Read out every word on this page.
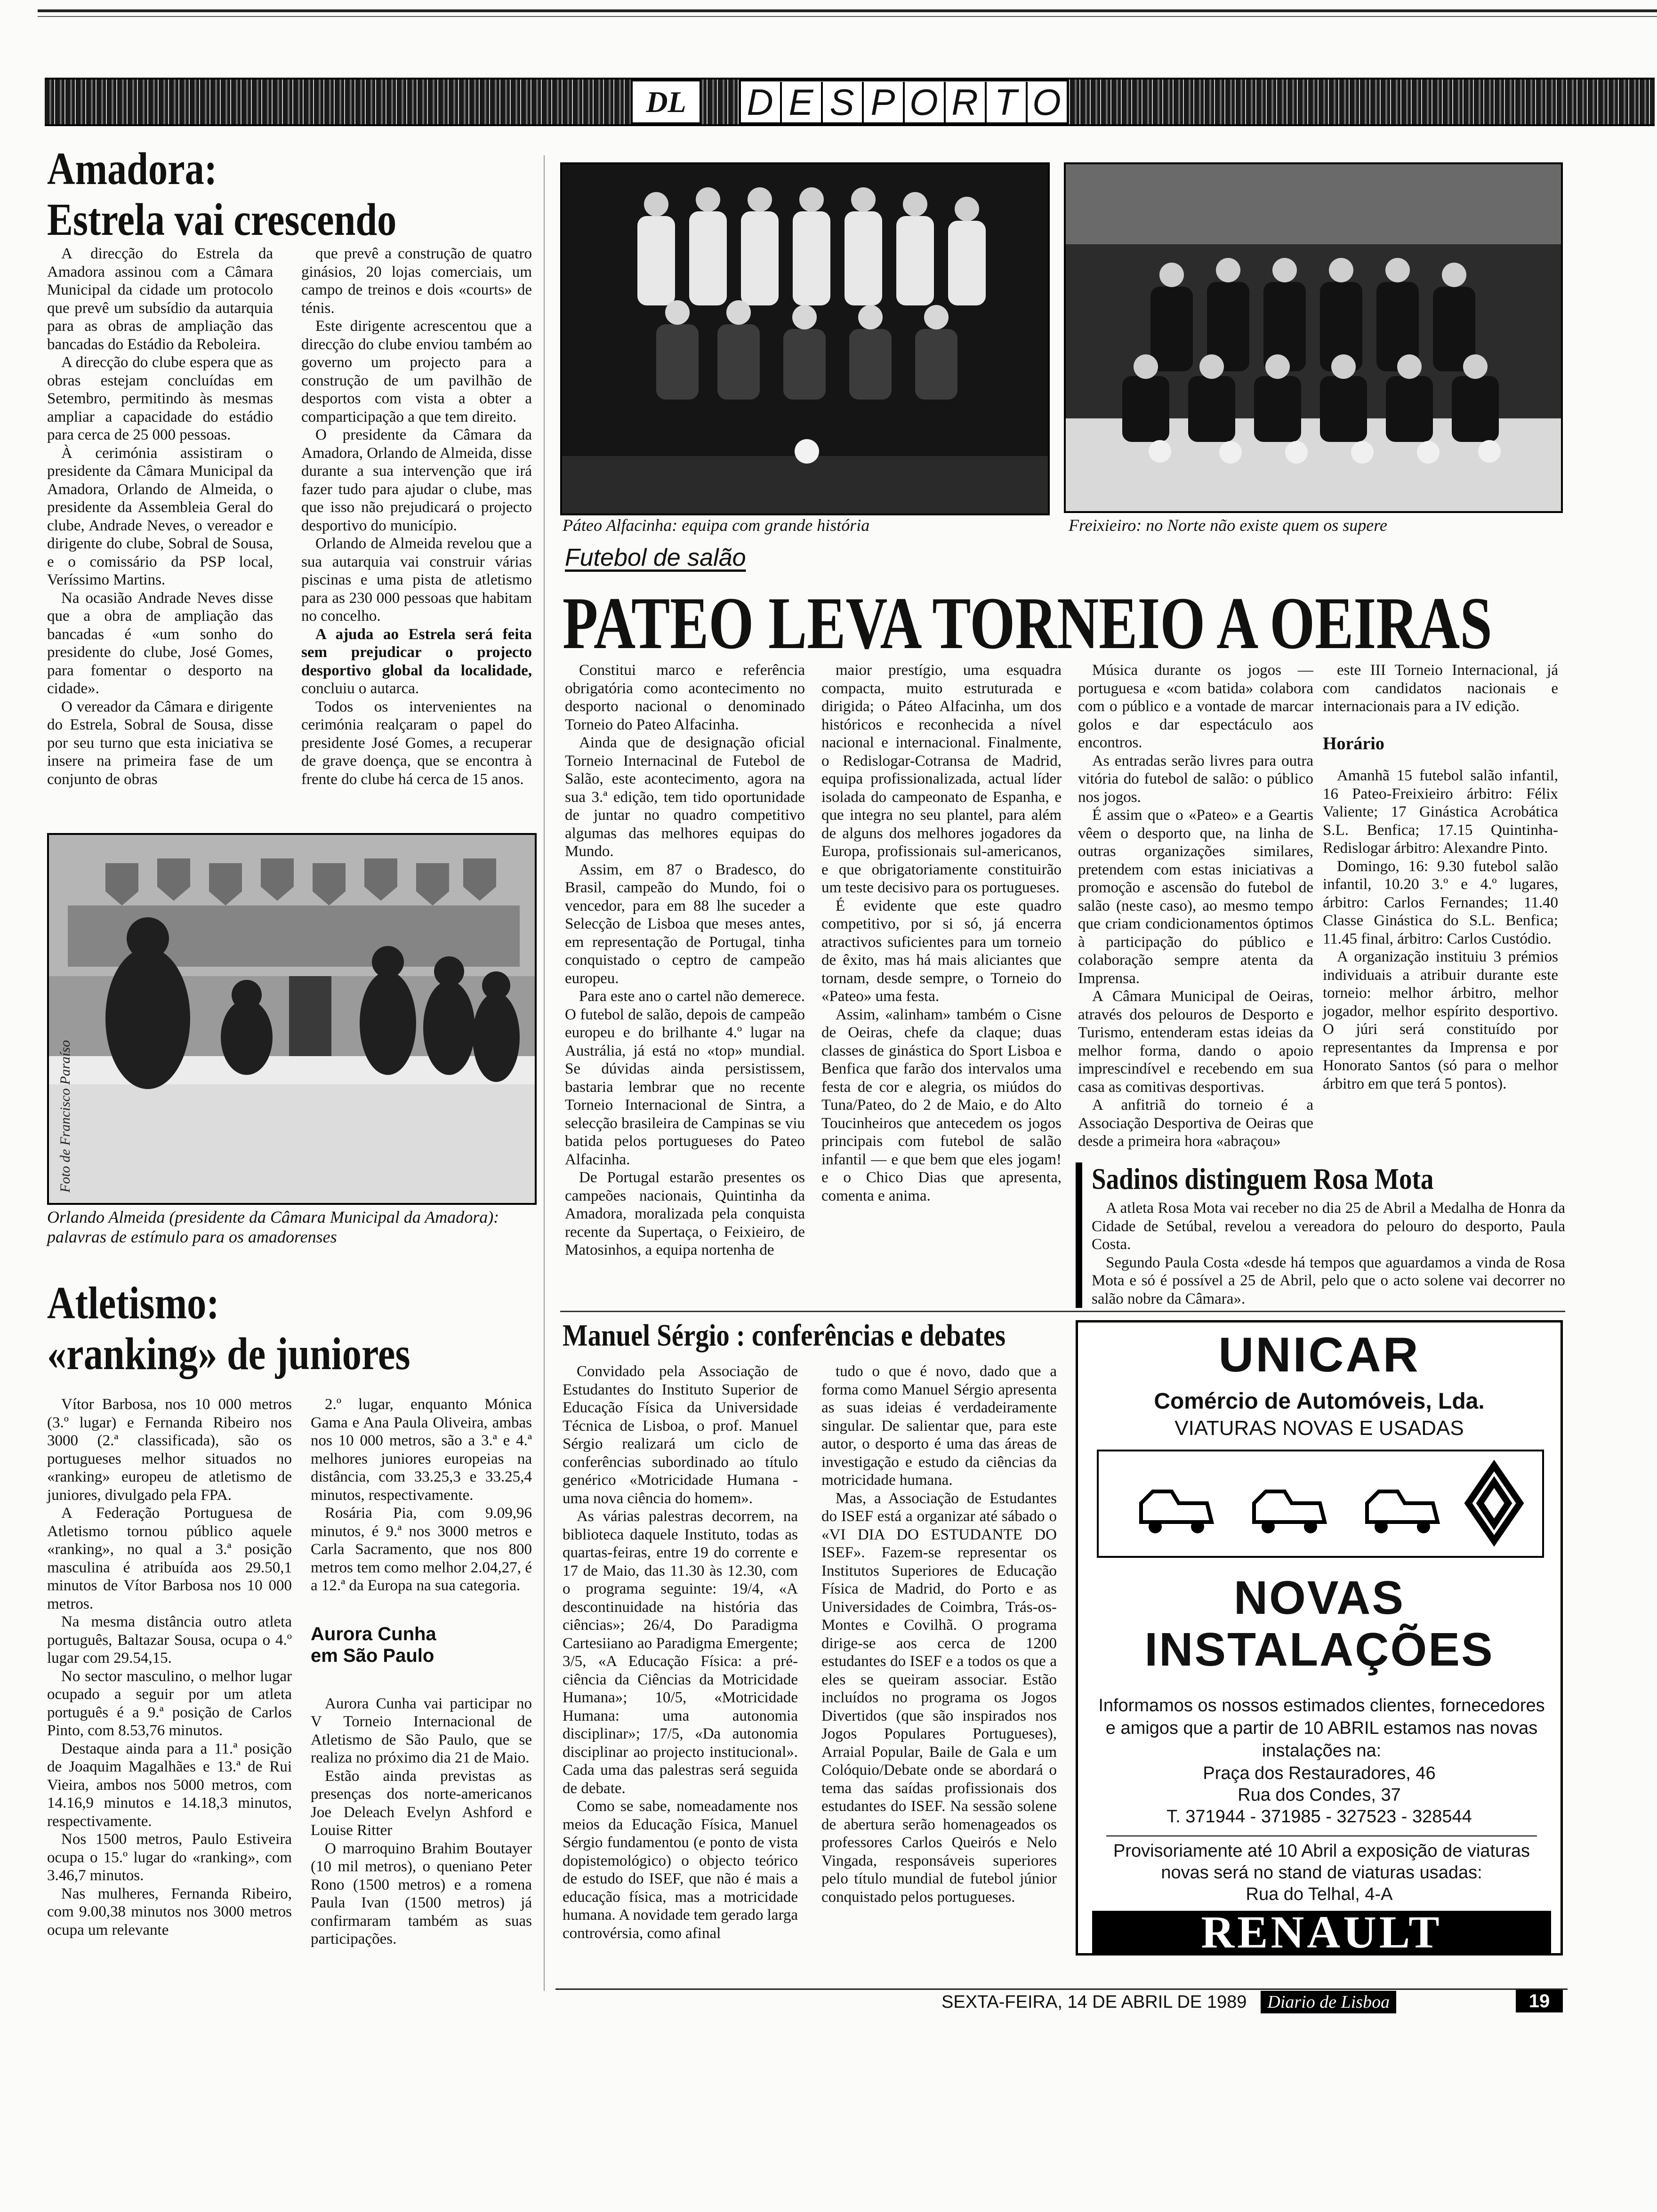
DL	D E S P O R T O
Amadora:
Estrela vai crescendo

A direcção do Estrela da Amadora assinou com a Câmara Municipal da cidade um protocolo que prevê um subsídio da autarquia para as obras de ampliação das bancadas do Estádio da Reboleira.

A direcção do clube espera que as obras estejam concluídas em Setembro, permitindo às mesmas ampliar a capacidade do estádio para cerca de 25 000 pessoas.

À cerimónia assistiram o presidente da Câmara Municipal da Amadora, Orlando de Almeida, o presidente da Assembleia Geral do clube, Andrade Neves, o vereador e dirigente do clube, Sobral de Sousa, e o comissário da PSP local, Veríssimo Martins.

Na ocasião Andrade Neves disse que a obra de ampliação das bancadas é «um sonho do presidente do clube, José Gomes, para fomentar o desporto na cidade».

O vereador da Câmara e dirigente do Estrela, Sobral de Sousa, disse por seu turno que esta iniciativa se insere na primeira fase de um conjunto de obras

que prevê a construção de quatro ginásios, 20 lojas comerciais, um campo de treinos e dois «courts» de ténis.

Este dirigente acrescentou que a direcção do clube enviou também ao governo um projecto para a construção de um pavilhão de desportos com vista a obter a comparticipação a que tem direito.

O presidente da Câmara da Amadora, Orlando de Almeida, disse durante a sua intervenção que irá fazer tudo para ajudar o clube, mas que isso não prejudicará o projecto desportivo do município.

Orlando de Almeida revelou que a sua autarquia vai construir várias piscinas e uma pista de atletismo para as 230 000 pessoas que habitam no concelho.

A ajuda ao Estrela será feita sem prejudicar o projecto desportivo global da localidade, concluiu o autarca.

Todos os intervenientes na cerimónia realçaram o papel do presidente José Gomes, a recuperar de grave doença, que se encontra à frente do clube há cerca de 15 anos.

Foto de Francisco Paraíso
Orlando Almeida (presidente da Câmara Municipal da Amadora): palavras de estímulo para os amadorenses
Atletismo:
«ranking» de juniores

Vítor Barbosa, nos 10 000 metros (3.º lugar) e Fernanda Ribeiro nos 3000 (2.ª classificada), são os portugueses melhor situados no «ranking» europeu de atletismo de juniores, divulgado pela FPA.

A Federação Portuguesa de Atletismo tornou público aquele «ranking», no qual a 3.ª posição masculina é atribuída aos 29.50,1 minutos de Vítor Barbosa nos 10 000 metros.

Na mesma distância outro atleta português, Baltazar Sousa, ocupa o 4.º lugar com 29.54,15.

No sector masculino, o melhor lugar ocupado a seguir por um atleta português é a 9.ª posição de Carlos Pinto, com 8.53,76 minutos.

Destaque ainda para a 11.ª posição de Joaquim Magalhães e 13.ª de Rui Vieira, ambos nos 5000 metros, com 14.16,9 minutos e 14.18,3 minutos, respectivamente.

Nos 1500 metros, Paulo Estiveira ocupa o 15.º lugar do «ranking», com 3.46,7 minutos.

Nas mulheres, Fernanda Ribeiro, com 9.00,38 minutos nos 3000 metros ocupa um relevante

2.º lugar, enquanto Mónica Gama e Ana Paula Oliveira, ambas nos 10 000 metros, são a 3.ª e 4.ª melhores juniores europeias na distância, com 33.25,3 e 33.25,4 minutos, respectivamente.

Rosária Pia, com 9.09,96 minutos, é 9.ª nos 3000 metros e Carla Sacramento, que nos 800 metros tem como melhor 2.04,27, é a 12.ª da Europa na sua categoria.

Aurora Cunha
em São Paulo

Aurora Cunha vai participar no V Torneio Internacional de Atletismo de São Paulo, que se realiza no próximo dia 21 de Maio.

Estão ainda previstas as presenças dos norte-americanos Joe Deleach Evelyn Ashford e Louise Ritter

O marroquino Brahim Boutayer (10 mil metros), o queniano Peter Rono (1500 metros) e a romena Paula Ivan (1500 metros) já confirmaram também as suas participações.

Páteo Alfacinha: equipa com grande história	Freixieiro: no Norte não existe quem os supere
Futebol de salão
PATEO LEVA TORNEIO A OEIRAS

Constitui marco e referência obrigatória como acontecimento no desporto nacional o denominado Torneio do Pateo Alfacinha.

Ainda que de designação oficial Torneio Internacinal de Futebol de Salão, este acontecimento, agora na sua 3.ª edição, tem tido oportunidade de juntar no quadro competitivo algumas das melhores equipas do Mundo.

Assim, em 87 o Bradesco, do Brasil, campeão do Mundo, foi o vencedor, para em 88 lhe suceder a Selecção de Lisboa que meses antes, em representação de Portugal, tinha conquistado o ceptro de campeão europeu.

Para este ano o cartel não demerece. O futebol de salão, depois de campeão europeu e do brilhante 4.º lugar na Austrália, já está no «top» mundial. Se dúvidas ainda persistissem, bastaria lembrar que no recente Torneio Internacional de Sintra, a selecção brasileira de Campinas se viu batida pelos portugueses do Pateo Alfacinha.

De Portugal estarão presentes os campeões nacionais, Quintinha da Amadora, moralizada pela conquista recente da Supertaça, o Feixieiro, de Matosinhos, a equipa nortenha de

maior prestígio, uma esquadra compacta, muito estruturada e dirigida; o Páteo Alfacinha, um dos históricos e reconhecida a nível nacional e internacional. Finalmente, o Redislogar-Cotransa de Madrid, equipa profissionalizada, actual líder isolada do campeonato de Espanha, e que integra no seu plantel, para além de alguns dos melhores jogadores da Europa, profissionais sul-americanos, e que obrigatoriamente constituirão um teste decisivo para os portugueses.

É evidente que este quadro competitivo, por si só, já encerra atractivos suficientes para um torneio de êxito, mas há mais aliciantes que tornam, desde sempre, o Torneio do «Pateo» uma festa.

Assim, «alinham» também o Cisne de Oeiras, chefe da claque; duas classes de ginástica do Sport Lisboa e Benfica que farão dos intervalos uma festa de cor e alegria, os miúdos do Tuna/Pateo, do 2 de Maio, e do Alto Toucinheiros que antecedem os jogos principais com futebol de salão infantil — e que bem que eles jogam! e o Chico Dias que apresenta, comenta e anima.

Música durante os jogos — portuguesa e «com batida» colabora com o público e a vontade de marcar golos e dar espectáculo aos encontros.

As entradas serão livres para outra vitória do futebol de salão: o público nos jogos.

É assim que o «Pateo» e a Geartis vêem o desporto que, na linha de outras organizações similares, pretendem com estas iniciativas a promoção e ascensão do futebol de salão (neste caso), ao mesmo tempo que criam condicionamentos óptimos à participação do público e colaboração sempre atenta da Imprensa.

A Câmara Municipal de Oeiras, através dos pelouros de Desporto e Turismo, entenderam estas ideias da melhor forma, dando o apoio imprescindível e recebendo em sua casa as comitivas desportivas.

A anfitriã do torneio é a Associação Desportiva de Oeiras que desde a primeira hora «abraçou»

este III Torneio Internacional, já com candidatos nacionais e internacionais para a IV edição.

Horário

Amanhã 15 futebol salão infantil, 16 Pateo-Freixieiro árbitro: Félix Valiente; 17 Ginástica Acrobática S.L. Benfica; 17.15 Quintinha-Redislogar árbitro: Alexandre Pinto.

Domingo, 16: 9.30 futebol salão infantil, 10.20 3.º e 4.º lugares, árbitro: Carlos Fernandes; 11.40 Classe Ginástica do S.L. Benfica; 11.45 final, árbitro: Carlos Custódio.

A organização instituiu 3 prémios individuais a atribuir durante este torneio: melhor árbitro, melhor jogador, melhor espírito desportivo. O júri será constituído por representantes da Imprensa e por Honorato Santos (só para o melhor árbitro em que terá 5 pontos).

Sadinos distinguem Rosa Mota

A atleta Rosa Mota vai receber no dia 25 de Abril a Medalha de Honra da Cidade de Setúbal, revelou a vereadora do pelouro do desporto, Paula Costa.

Segundo Paula Costa «desde há tempos que aguardamos a vinda de Rosa Mota e só é possível a 25 de Abril, pelo que o acto solene vai decorrer no salão nobre da Câmara».

Manuel Sérgio : conferências e debates

Convidado pela Associação de Estudantes do Instituto Superior de Educação Física da Universidade Técnica de Lisboa, o prof. Manuel Sérgio realizará um ciclo de conferências subordinado ao título genérico «Motricidade Humana - uma nova ciência do homem».

As várias palestras decorrem, na biblioteca daquele Instituto, todas as quartas-feiras, entre 19 do corrente e 17 de Maio, das 11.30 às 12.30, com o programa seguinte: 19/4, «A descontinuidade na história das ciências»; 26/4, Do Paradigma Cartesiiano ao Paradigma Emergente; 3/5, «A Educação Física: a pré-ciência da Ciências da Motricidade Humana»; 10/5, «Motricidade Humana: uma autonomia disciplinar»; 17/5, «Da autonomia disciplinar ao projecto institucional». Cada uma das palestras será seguida de debate.

Como se sabe, nomeadamente nos meios da Educação Física, Manuel Sérgio fundamentou (e ponto de vista dopistemológico) o objecto teórico de estudo do ISEF, que não é mais a educação física, mas a motricidade humana. A novidade tem gerado larga controvérsia, como afinal

tudo o que é novo, dado que a forma como Manuel Sérgio apresenta as suas ideias é verdadeiramente singular. De salientar que, para este autor, o desporto é uma das áreas de investigação e estudo da ciências da motricidade humana.

Mas, a Associação de Estudantes do ISEF está a organizar até sábado o «VI DIA DO ESTUDANTE DO ISEF». Fazem-se representar os Institutos Superiores de Educação Física de Madrid, do Porto e as Universidades de Coimbra, Trás-os-Montes e Covilhã. O programa dirige-se aos cerca de 1200 estudantes do ISEF e a todos os que a eles se queiram associar. Estão incluídos no programa os Jogos Divertidos (que são inspirados nos Jogos Populares Portugueses), Arraial Popular, Baile de Gala e um Colóquio/Debate onde se abordará o tema das saídas profissionais dos estudantes do ISEF. Na sessão solene de abertura serão homenageados os professores Carlos Queirós e Nelo Vingada, responsáveis superiores pelo título mundial de futebol júnior conquistado pelos portugueses.

UNICAR
Comércio de Automóveis, Lda.
VIATURAS NOVAS E USADAS
NOVAS
INSTALAÇÕES
Informamos os nossos estimados clientes, fornecedores e amigos que a partir de 10 ABRIL estamos nas novas instalações na:
Praça dos Restauradores, 46
Rua dos Condes, 37
T. 371944 - 371985 - 327523 - 328544
Provisoriamente até 10 Abril a exposição de viaturas novas será no stand de viaturas usadas:
Rua do Telhal, 4-A
RENAULT
SEXTA-FEIRA, 14 DE ABRIL DE 1989	Diario de Lisboa	19
